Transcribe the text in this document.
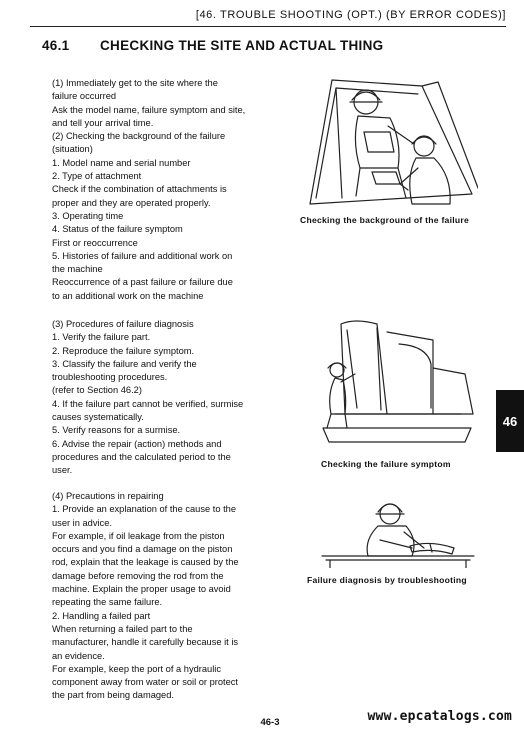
[46. TROUBLE SHOOTING (OPT.) (BY ERROR CODES)]
46.1 CHECKING THE SITE AND ACTUAL THING
(1) Immediately get to the site where the
failure occurred
Ask the model name, failure symptom and site,
and tell your arrival time.
(2) Checking the background of the failure
(situation)
1. Model name and serial number
2. Type of attachment
Check if the combination of attachments is
proper and they are operated properly.
3. Operating time
4. Status of the failure symptom
First or reoccurrence
5. Histories of failure and additional work on
the machine
Reoccurrence of a past failure or failure due
to an additional work on the machine
(3) Procedures of failure diagnosis
1. Verify the failure part.
2. Reproduce the failure symptom.
3. Classify the failure and verify the
troubleshooting procedures.
(refer to Section 46.2)
4. If the failure part cannot be verified, surmise
causes systematically.
5. Verify reasons for a surmise.
6. Advise the repair (action) methods and
procedures and the calculated period to the
user.
(4) Precautions in repairing
1. Provide an explanation of the cause to the
user in advice.
For example, if oil leakage from the piston
occurs and you find a damage on the piston
rod, explain that the leakage is caused by the
damage before removing the rod from the
machine. Explain the proper usage to avoid
repeating the same failure.
2. Handling a failed part
When returning a failed part to the
manufacturer, handle it carefully because it is
an evidence.
For example, keep the port of a hydraulic
component away from water or soil or protect
the part from being damaged.
Checking the background of the failure
Checking the failure symptom
Failure diagnosis by troubleshooting
46
46-3	www.epcatalogs.com
